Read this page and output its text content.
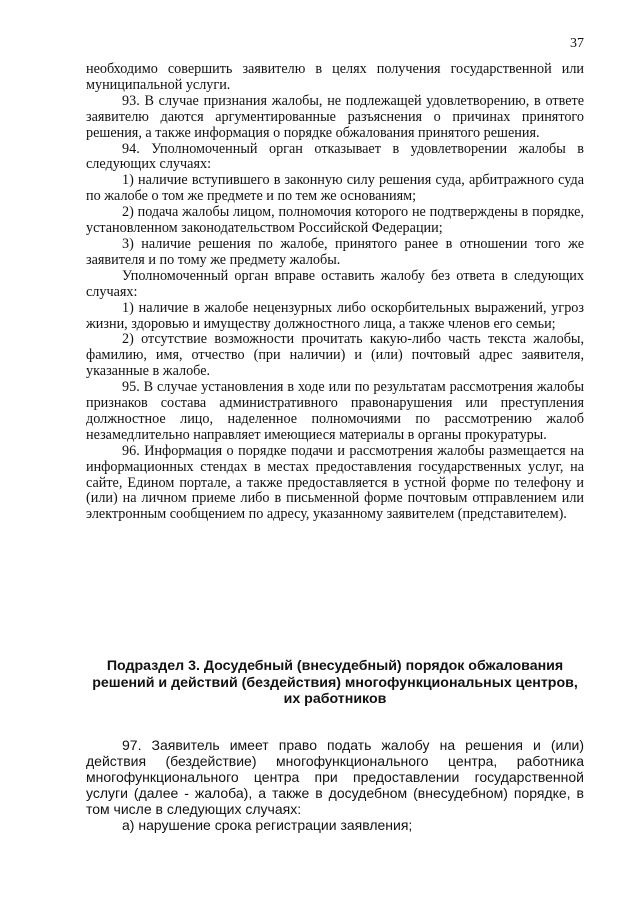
37

необходимо совершить заявителю в целях получения государственной или муниципальной услуги.

93. В случае признания жалобы, не подлежащей удовлетворению, в ответе заявителю даются аргументированные разъяснения о причинах принятого решения, а также информация о порядке обжалования принятого решения.

94. Уполномоченный орган отказывает в удовлетворении жалобы в следующих случаях:

1) наличие вступившего в законную силу решения суда, арбитражного суда по жалобе о том же предмете и по тем же основаниям;

2) подача жалобы лицом, полномочия которого не подтверждены в порядке, установленном законодательством Российской Федерации;

3) наличие решения по жалобе, принятого ранее в отношении того же заявителя и по тому же предмету жалобы.

Уполномоченный орган вправе оставить жалобу без ответа в следующих случаях:

1) наличие в жалобе нецензурных либо оскорбительных выражений, угроз жизни, здоровью и имуществу должностного лица, а также членов его семьи;

2) отсутствие возможности прочитать какую-либо часть текста жалобы, фамилию, имя, отчество (при наличии) и (или) почтовый адрес заявителя, указанные в жалобе.

95. В случае установления в ходе или по результатам рассмотрения жалобы признаков состава административного правонарушения или преступления должностное лицо, наделенное полномочиями по рассмотрению жалоб незамедлительно направляет имеющиеся материалы в органы прокуратуры.

96. Информация о порядке подачи и рассмотрения жалобы размещается на информационных стендах в местах предоставления государственных услуг, на сайте, Едином портале, а также предоставляется в устной форме по телефону и (или) на личном приеме либо в письменной форме почтовым отправлением или электронным сообщением по адресу, указанному заявителем (представителем).

Подраздел 3. Досудебный (внесудебный) порядок обжалования решений и действий (бездействия) многофункциональных центров, их работников

97. Заявитель имеет право подать жалобу на решения и (или) действия (бездействие) многофункционального центра, работника многофункционального центра при предоставлении государственной услуги (далее - жалоба), а также в досудебном (внесудебном) порядке, в том числе в следующих случаях:

а) нарушение срока регистрации заявления;
